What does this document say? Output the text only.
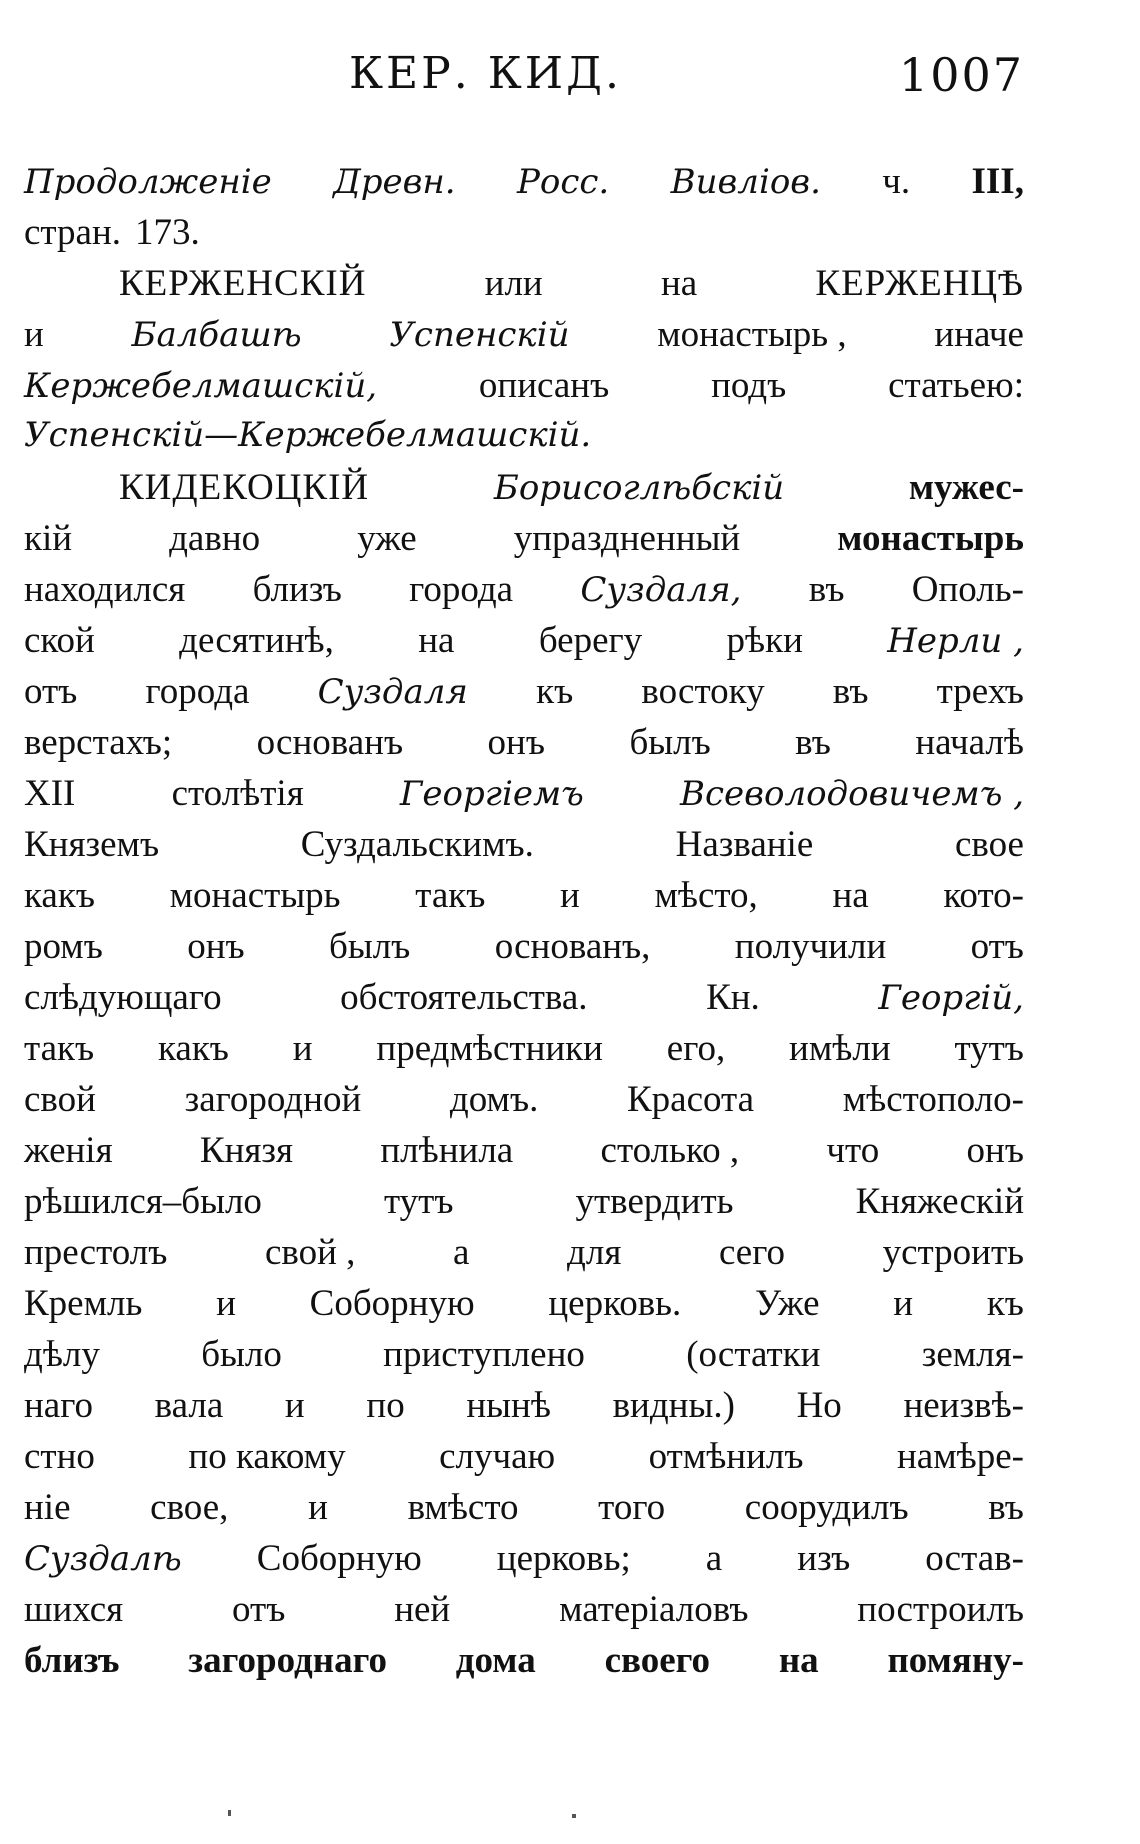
КЕР. КИД.	1007
Продолженіе Древн. Росс. Вивліов. ч. III,
стран. 173.
КЕРЖЕНСКІЙ	или	на	КЕРЖЕНЦѢ
и	Балбашѣ	Успенскій монастырь , иначе
Кержебелмашскій,	описанъ	подъ	статьею:
Успенскій—Кержебелмашскій.
КИДЕКОЦКІЙ	Борисоглѣбскій	мужес-
кій	давно	уже	упраздненный	монастырь
находился близъ города Суздаля, въ Ополь-
ской десятинѣ, на берегу рѣки Нерли ,
отъ города Суздаля къ востоку въ трехъ
верстахъ; основанъ онъ былъ въ началѣ
XII	столѣтія	Георгіемъ	Всеволодовичемъ ,
Княземъ	Суздальскимъ.	Названіе	свое
какъ монастырь такъ и мѣсто, на кото-
ромъ онъ былъ основанъ, получили отъ
слѣдующаго	обстоятельства.	Кн.	Георгій,
такъ какъ и предмѣстники его, имѣли тутъ
свой загородной домъ. Красота мѣстополо-
женія Князя плѣнила столько , что онъ
рѣшился–было	тутъ	утвердить	Княжескій
престолъ	свой ,	а	для	сего	устроить
Кремль и Соборную церковь. Уже и къ
дѣлу	было	приступлено	(остатки	земля-
наго вала и по нынѣ видны.) Но неизвѣ-
стно	по какому	случаю	отмѣнилъ	намѣре-
ніе свое, и вмѣсто того соорудилъ въ
Суздалѣ Соборную церковь; а изъ остав-
шихся	отъ	ней	матеріаловъ	построилъ
близъ загороднаго дома своего на помяну-
